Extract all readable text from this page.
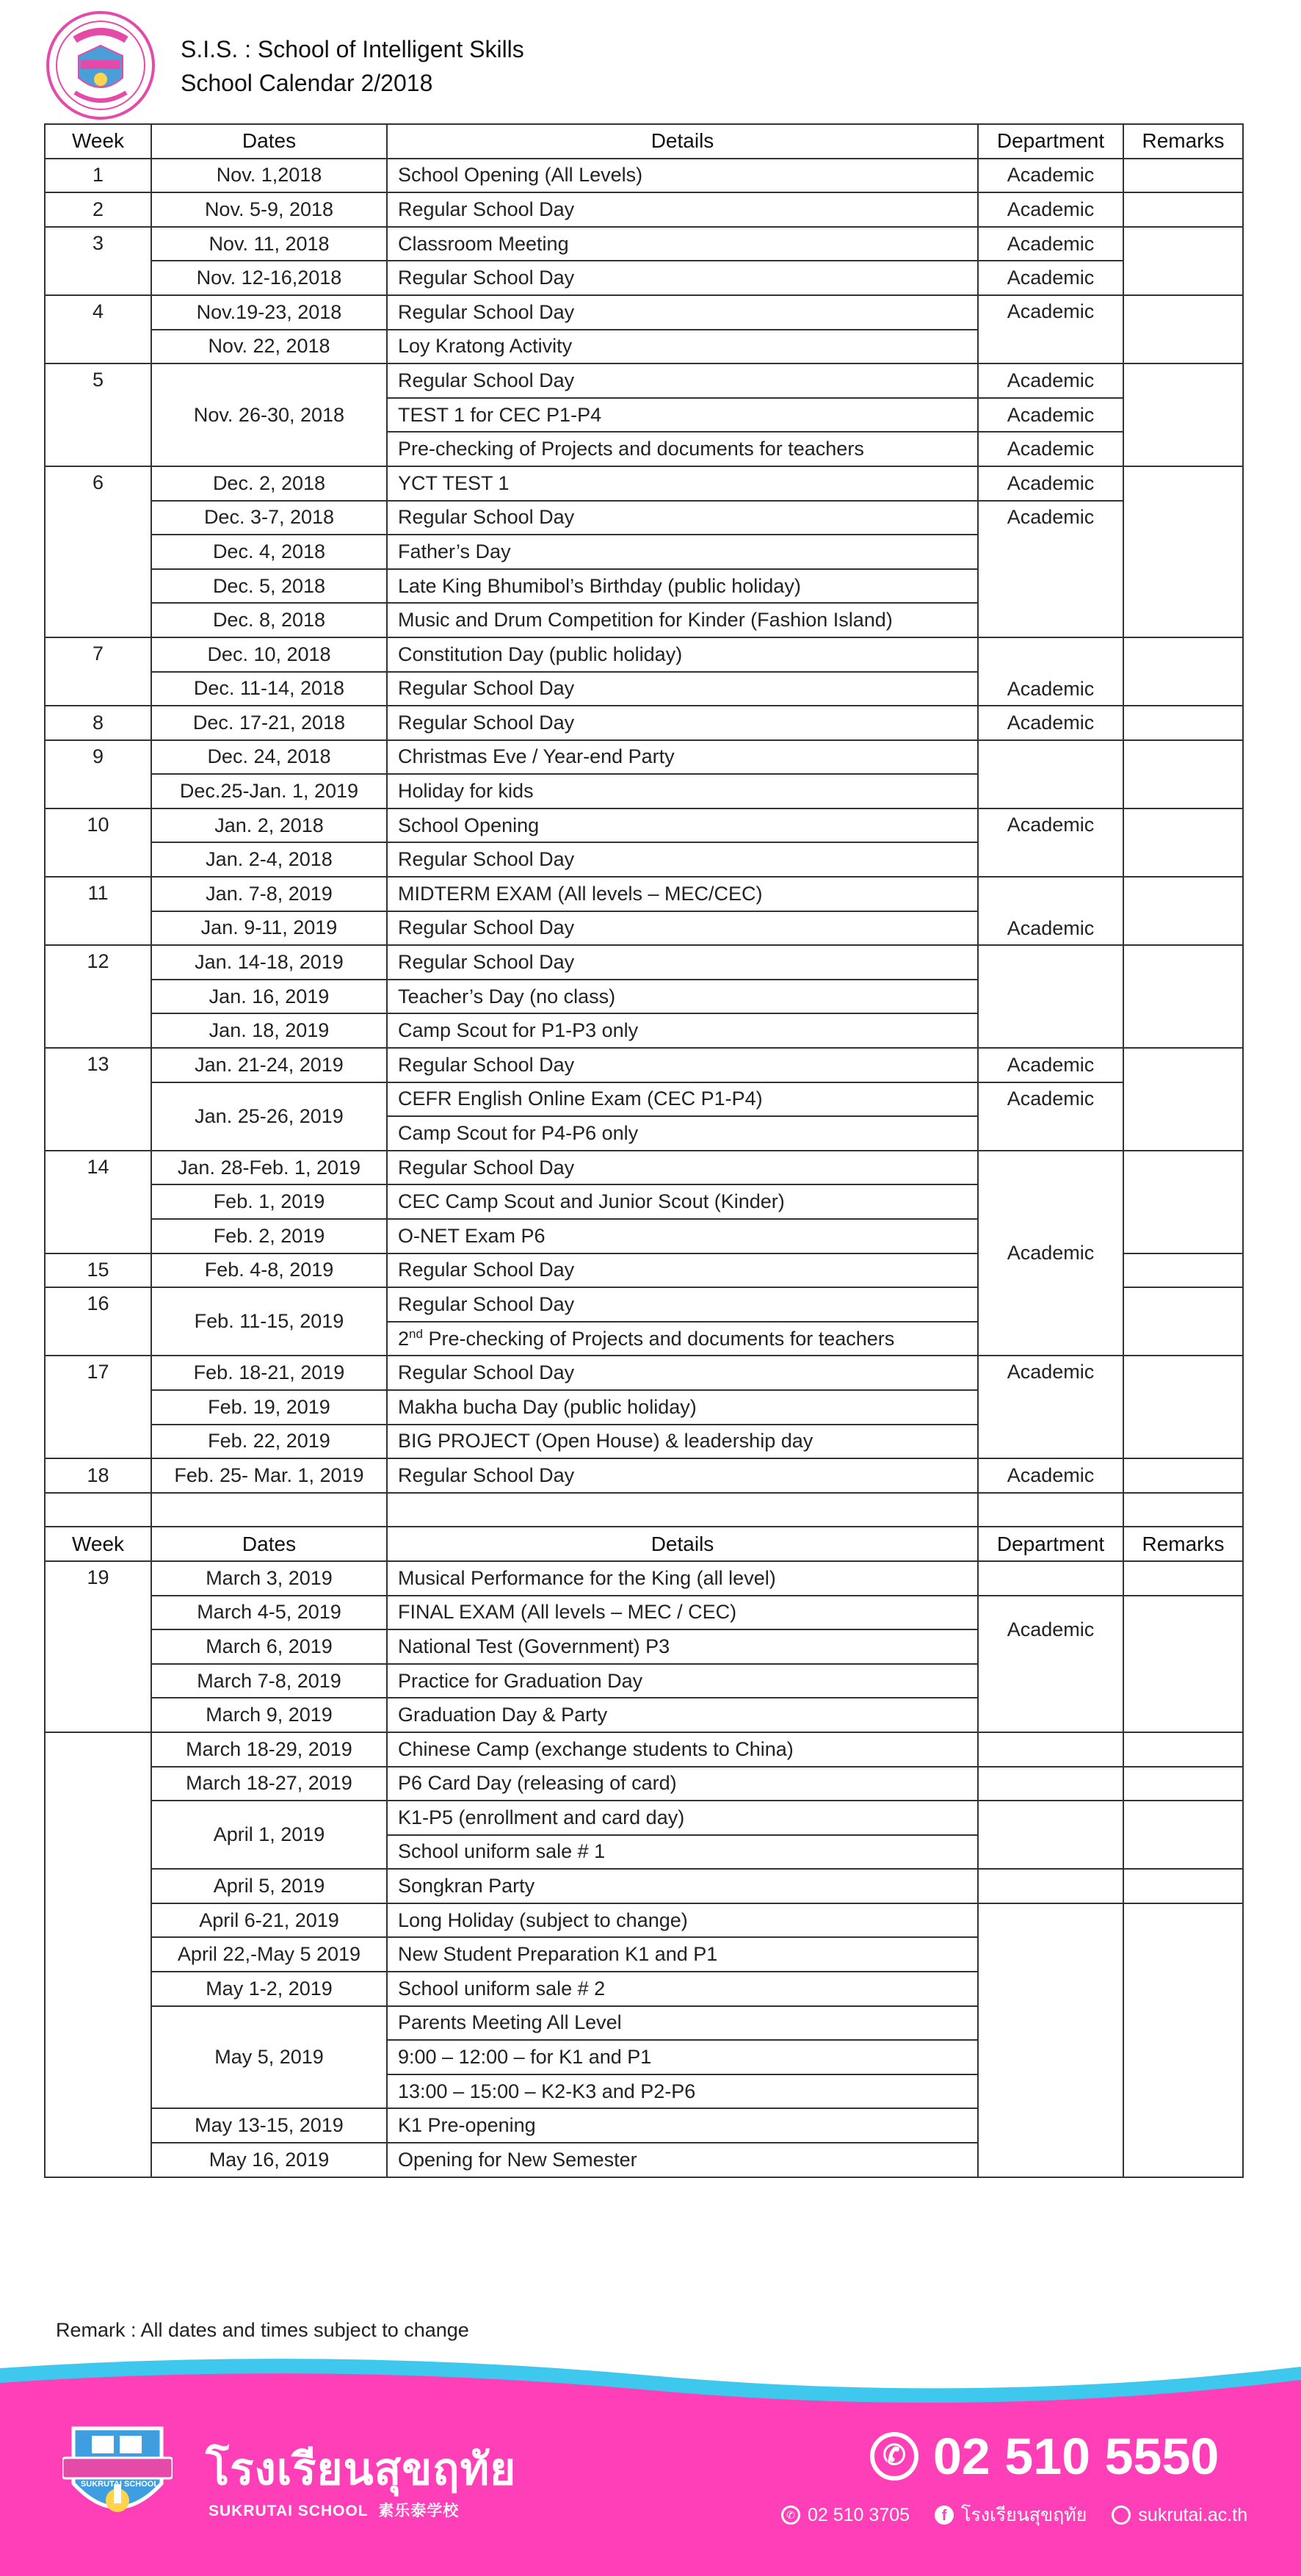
S.I.S. : School of Intelligent Skills
School Calendar 2/2018
Week	Dates	Details	Department	Remarks
1	Nov. 1,2018	School Opening (All Levels)	Academic	
2	Nov. 5-9, 2018	Regular School Day	Academic	
3	Nov. 11, 2018	Classroom Meeting	Academic	
	Nov. 12-16,2018	Regular School Day	Academic	
4	Nov.19-23, 2018	Regular School Day	Academic	
	Nov. 22, 2018	Loy Kratong Activity		
5	Nov. 26-30, 2018	Regular School Day	Academic	
		TEST 1 for CEC P1-P4	Academic	
		Pre-checking of Projects and documents for teachers	Academic	
6	Dec. 2, 2018	YCT TEST 1	Academic	
	Dec. 3-7, 2018	Regular School Day	Academic	
	Dec. 4, 2018	Father’s Day		
	Dec. 5, 2018	Late King Bhumibol’s Birthday (public holiday)		
	Dec. 8, 2018	Music and Drum Competition for Kinder (Fashion Island)		
7	Dec. 10, 2018	Constitution Day (public holiday)	Academic	
	Dec. 11-14, 2018	Regular School Day		
8	Dec. 17-21, 2018	Regular School Day	Academic	
9	Dec. 24, 2018	Christmas Eve / Year-end Party		
	Dec.25-Jan. 1, 2019	Holiday for kids		
10	Jan. 2, 2018	School Opening	Academic	
	Jan. 2-4, 2018	Regular School Day		
11	Jan. 7-8, 2019	MIDTERM EXAM (All levels – MEC/CEC)	Academic	
	Jan. 9-11, 2019	Regular School Day		
12	Jan. 14-18, 2019	Regular School Day		
	Jan. 16, 2019	Teacher’s Day (no class)		
	Jan. 18, 2019	Camp Scout for P1-P3 only		
13	Jan. 21-24, 2019	Regular School Day	Academic	
	Jan. 25-26, 2019	CEFR English Online Exam (CEC P1-P4)	Academic	
		Camp Scout for P4-P6 only		
14	Jan. 28-Feb. 1, 2019	Regular School Day	Academic	
	Feb. 1, 2019	CEC Camp Scout and Junior Scout (Kinder)		
	Feb. 2, 2019	O-NET Exam P6		
15	Feb. 4-8, 2019	Regular School Day		
16	Feb. 11-15, 2019	Regular School Day		
		2nd Pre-checking of Projects and documents for teachers		
17	Feb. 18-21, 2019	Regular School Day	Academic	
	Feb. 19, 2019	Makha bucha Day (public holiday)		
	Feb. 22, 2019	BIG PROJECT (Open House) & leadership day		
18	Feb. 25- Mar. 1, 2019	Regular School Day	Academic	

Week	Dates	Details	Department	Remarks
19	March 3, 2019	Musical Performance for the King (all level)		
	March 4-5, 2019	FINAL EXAM (All levels – MEC / CEC)	Academic	
	March 6, 2019	National Test (Government) P3		
	March 7-8, 2019	Practice for Graduation Day		
	March 9, 2019	Graduation Day & Party		
	March 18-29, 2019	Chinese Camp (exchange students to China)		
	March 18-27, 2019	P6 Card Day (releasing of card)		
	April 1, 2019	K1-P5 (enrollment and card day)		
		School uniform sale # 1		
	April 5, 2019	Songkran Party		
	April 6-21, 2019	Long Holiday (subject to change)		
	April 22,-May 5 2019	New Student Preparation K1 and P1		
	May 1-2, 2019	School uniform sale # 2		
	May 5, 2019	Parents Meeting All Level		
		9:00 – 12:00 – for K1 and P1		
		13:00 – 15:00 – K2-K3 and P2-P6		
	May 13-15, 2019	K1 Pre-opening		
	May 16, 2019	Opening for New Semester		
Remark : All dates and times subject to change
SUKRUTAI SCHOOL โรงเรียนสุขฤทัย
SUKRUTAI SCHOOL 素乐泰学校
✆ 02 510 5550
✆ 02 510 3705	f โรงเรียนสุขฤทัย	sukrutai.ac.th
